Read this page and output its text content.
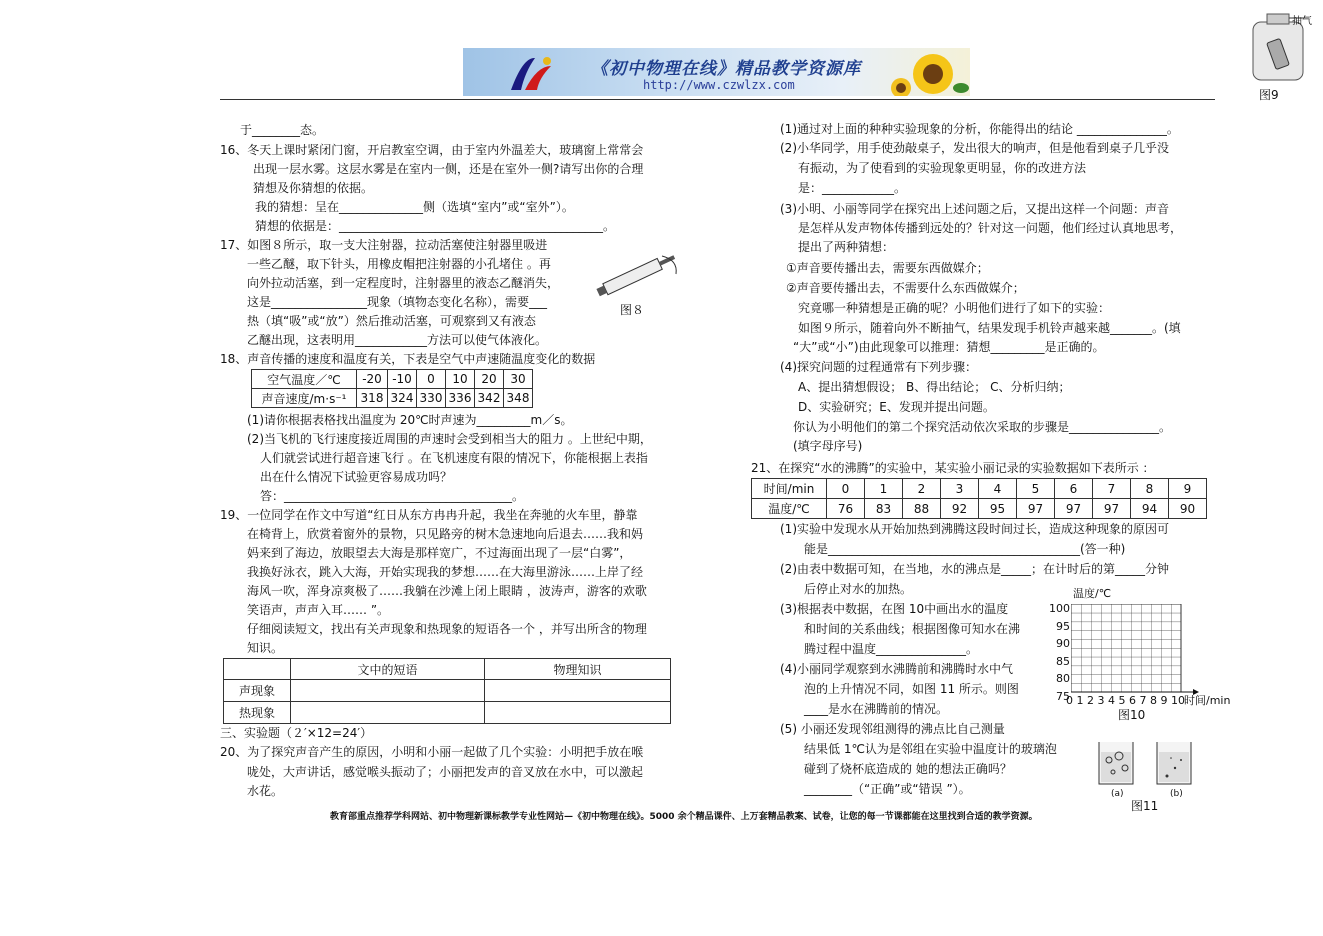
《初中物理在线》精品教学资源库
http://www.czwlzx.com
抽气
图9
于________态。
16、冬天上课时紧闭门窗，开启教室空调，由于室内外温差大，玻璃窗上常常会
出现一层水雾。这层水雾是在室内一侧，还是在室外一侧?请写出你的合理
猜想及你猜想的依据。
我的猜想：呈在______________侧（选填“室内”或“室外”）。
猜想的依据是：____________________________________________。
17、如图８所示，取一支大注射器，拉动活塞使注射器里吸进
一些乙醚，取下针头，用橡皮帽把注射器的小孔堵住 。再
向外拉动活塞，到一定程度时，注射器里的液态乙醚消失，
这是________________现象（填物态变化名称），需要___
热（填“吸”或“放”）然后推动活塞，可观察到又有液态
乙醚出现，这表明用____________方法可以使气体液化。
图８
18、声音传播的速度和温度有关，下表是空气中声速随温度变化的数据
空气温度／℃	-20	-10	0	10	20	30
声音速度/m·s⁻¹	318	324	330	336	342	348
(1)请你根据表格找出温度为 20℃时声速为_________m／s。
(2)当飞机的飞行速度接近周围的声速时会受到相当大的阻力 。上世纪中期，
人们就尝试进行超音速飞行 。在飞机速度有限的情况下，你能根据上表指
出在什么情况下试验更容易成功吗？
答：______________________________________。
19、一位同学在作文中写道“红日从东方冉冉升起，我坐在奔驰的火车里，静靠
在椅背上，欣赏着窗外的景物，只见路旁的树木急速地向后退去……我和妈
妈来到了海边，放眼望去大海是那样宽广，不过海面出现了一层“白雾”，
我换好泳衣，跳入大海，开始实现我的梦想……在大海里游泳……上岸了经
海风一吹，浑身凉爽极了……我躺在沙滩上闭上眼睛 ，波涛声，游客的欢歌
笑语声，声声入耳…… ”。
仔细阅读短文，找出有关声现象和热现象的短语各一个 ，并写出所含的物理
知识。
	文中的短语	物理知识
声现象		
热现象		
三、实验题（２′×12=24′）
20、为了探究声音产生的原因，小明和小丽一起做了几个实验：小明把手放在喉
咙处，大声讲话，感觉喉头振动了；小丽把发声的音叉放在水中，可以激起
水花。
(1)通过对上面的种种实验现象的分析，你能得出的结论 _______________。
(2)小华同学，用手使劲敲桌子，发出很大的响声，但是他看到桌子几乎没
有振动，为了使看到的实验现象更明显，你的改进方法
是：____________。
(3)小明、小丽等同学在探究出上述问题之后，又提出这样一个问题：声音
是怎样从发声物体传播到远处的？针对这一问题，他们经过认真地思考，
提出了两种猜想：
①声音要传播出去，需要东西做媒介；
②声音要传播出去，不需要什么东西做媒介；
究竟哪一种猜想是正确的呢？小明他们进行了如下的实验：
如图９所示，随着向外不断抽气，结果发现手机铃声越来越_______。(填
“大”或“小”)由此现象可以推理：猜想_________是正确的。
(4)探究问题的过程通常有下列步骤：
A、提出猜想假设； B、得出结论； C、分析归纳；
D、实验研究；E、发现并提出问题。
你认为小明他们的第二个探究活动依次采取的步骤是_______________。
(填字母序号)
21、在探究“水的沸腾”的实验中，某实验小丽记录的实验数据如下表所示 ：
时间/min	0	1	2	3	4	5	6	7	8	9
温度/℃	76	83	88	92	95	97	97	97	94	90
(1)实验中发现水从开始加热到沸腾这段时间过长，造成这种现象的原因可
能是__________________________________________(答一种)
(2)由表中数据可知，在当地，水的沸点是_____；在计时后的第_____分钟
后停止对水的加热。
(3)根据表中数据，在图 10中画出水的温度
和时间的关系曲线；根据图像可知水在沸
腾过程中温度_______________。
(4)小丽同学观察到水沸腾前和沸腾时水中气
泡的上升情况不同，如图 11 所示。则图
____是水在沸腾前的情况。
(5) 小丽还发现邻组测得的沸点比自己测量
结果低 1℃认为是邻组在实验中温度计的玻璃泡
碰到了烧杯底造成的 她的想法正确吗？
________（“正确”或“错误 ”）。
温度/℃
100
95
90
85
80
75
0 1 2 3 4 5 6 7 8 9 10 时间/min
图10
(a)	(b)
图11
教育部重点推荐学科网站、初中物理新课标教学专业性网站—《初中物理在线》。5000 余个精品课件、上万套精品教案、试卷，让您的每一节课都能在这里找到合适的教学资源。
